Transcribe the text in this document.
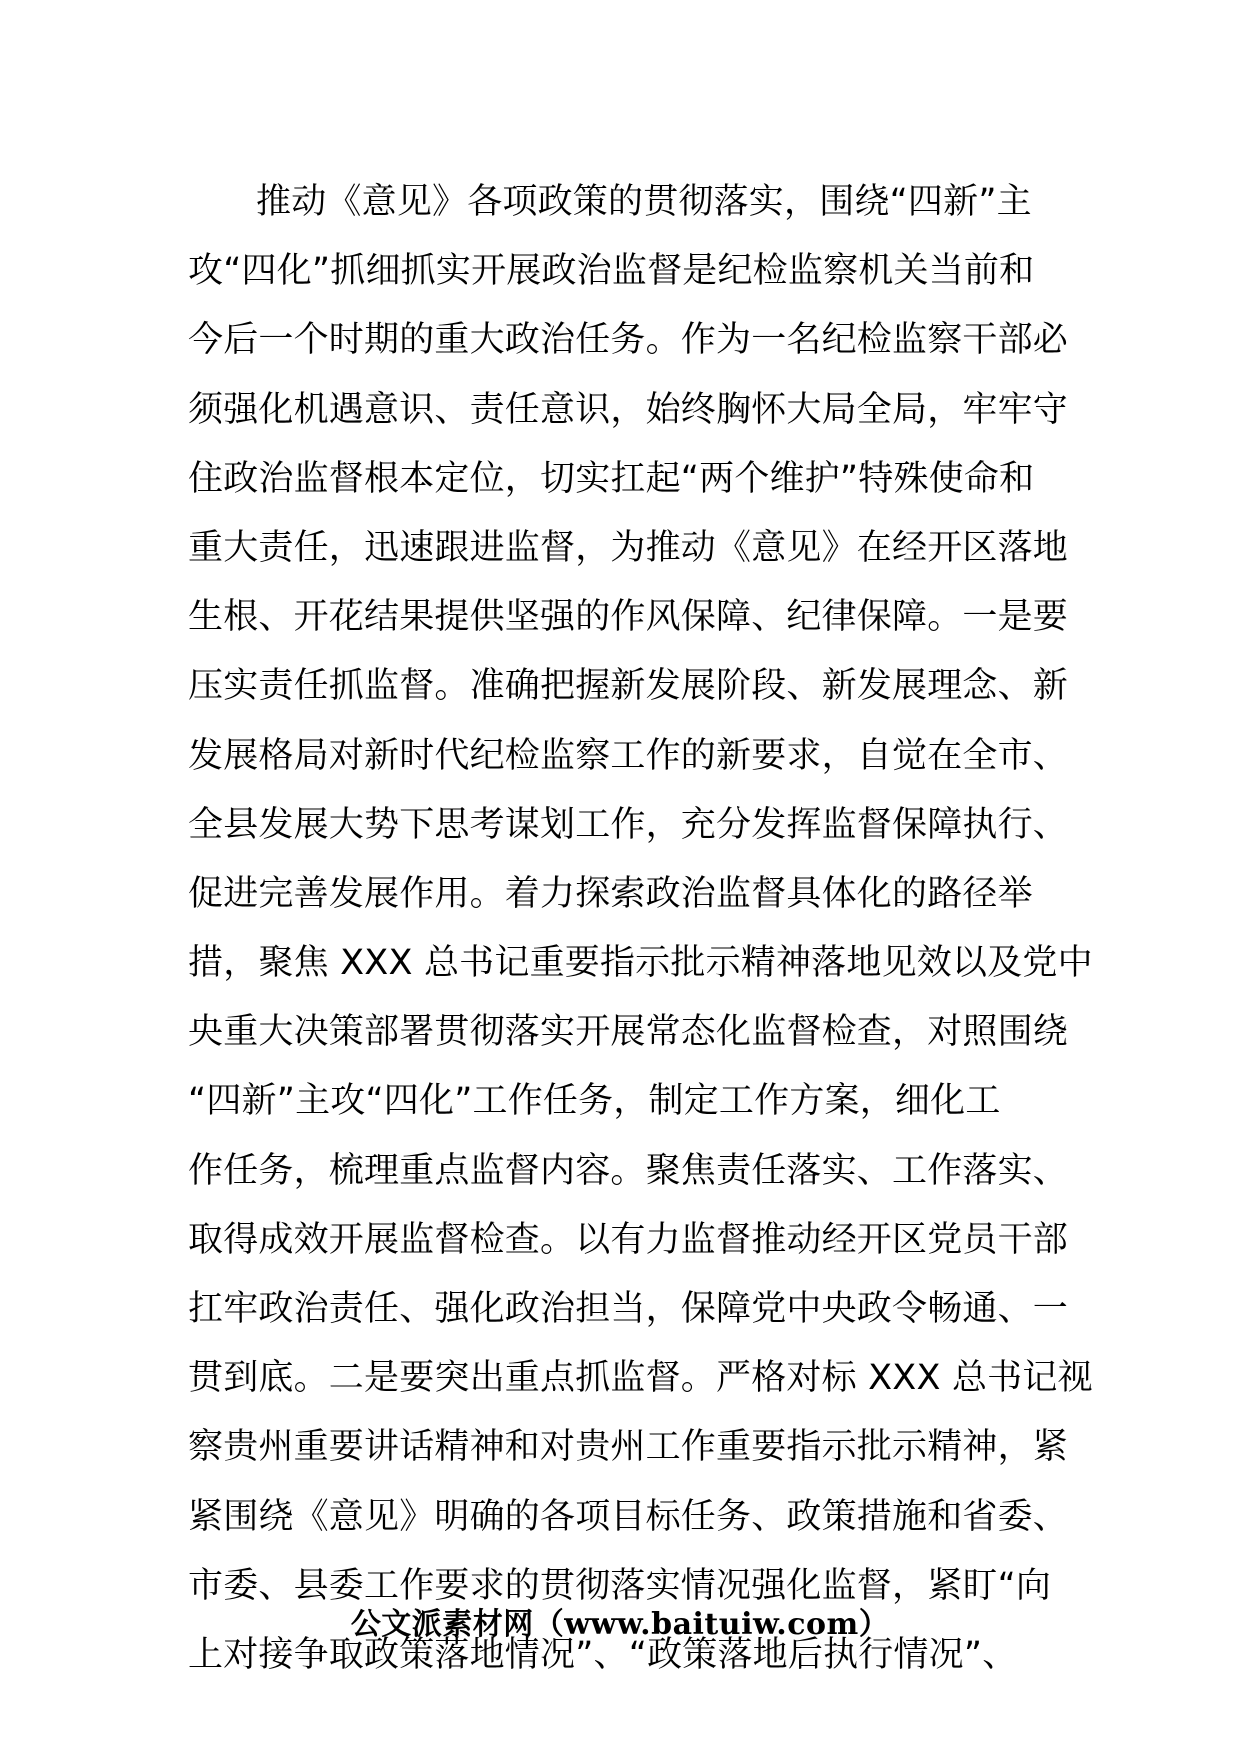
推动《意见》各项政策的贯彻落实，围绕“四新”主
攻“四化”抓细抓实开展政治监督是纪检监察机关当前和
今后一个时期的重大政治任务。作为一名纪检监察干部必
须强化机遇意识、责任意识，始终胸怀大局全局，牢牢守
住政治监督根本定位，切实扛起“两个维护”特殊使命和
重大责任，迅速跟进监督，为推动《意见》在经开区落地
生根、开花结果提供坚强的作风保障、纪律保障。一是要
压实责任抓监督。准确把握新发展阶段、新发展理念、新
发展格局对新时代纪检监察工作的新要求，自觉在全市、
全县发展大势下思考谋划工作，充分发挥监督保障执行、
促进完善发展作用。着力探索政治监督具体化的路径举
措，聚焦 XXX 总书记重要指示批示精神落地见效以及党中
央重大决策部署贯彻落实开展常态化监督检查，对照围绕
“四新”主攻“四化”工作任务，制定工作方案，细化工
作任务，梳理重点监督内容。聚焦责任落实、工作落实、
取得成效开展监督检查。以有力监督推动经开区党员干部
扛牢政治责任、强化政治担当，保障党中央政令畅通、一
贯到底。二是要突出重点抓监督。严格对标 XXX 总书记视
察贵州重要讲话精神和对贵州工作重要指示批示精神，紧
紧围绕《意见》明确的各项目标任务、政策措施和省委、
市委、县委工作要求的贯彻落实情况强化监督，紧盯“向
上对接争取政策落地情况”、“政策落地后执行情况”、
公文派素材网（www.baituiw.com）
